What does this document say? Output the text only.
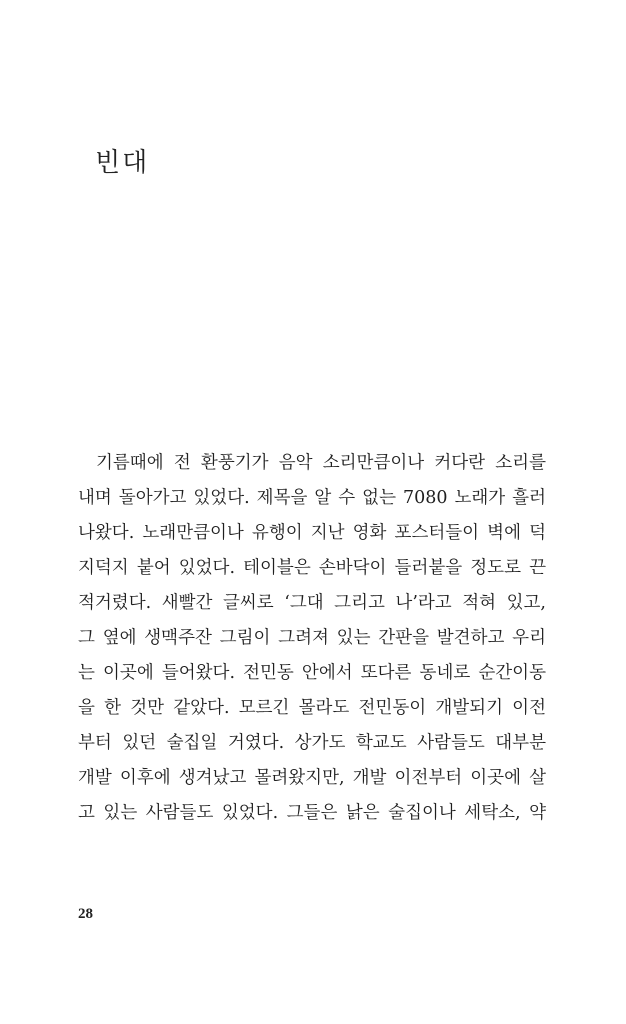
빈대
기름때에 전 환풍기가 음악 소리만큼이나 커다란 소리를
내며 돌아가고 있었다. 제목을 알 수 없는 7080 노래가 흘러
나왔다. 노래만큼이나 유행이 지난 영화 포스터들이 벽에 덕
지덕지 붙어 있었다. 테이블은 손바닥이 들러붙을 정도로 끈
적거렸다. 새빨간 글씨로 ‘그대 그리고 나’라고 적혀 있고,
그 옆에 생맥주잔 그림이 그려져 있는 간판을 발견하고 우리
는 이곳에 들어왔다. 전민동 안에서 또다른 동네로 순간이동
을 한 것만 같았다. 모르긴 몰라도 전민동이 개발되기 이전
부터 있던 술집일 거였다. 상가도 학교도 사람들도 대부분
개발 이후에 생겨났고 몰려왔지만, 개발 이전부터 이곳에 살
고 있는 사람들도 있었다. 그들은 낡은 술집이나 세탁소, 약
28
